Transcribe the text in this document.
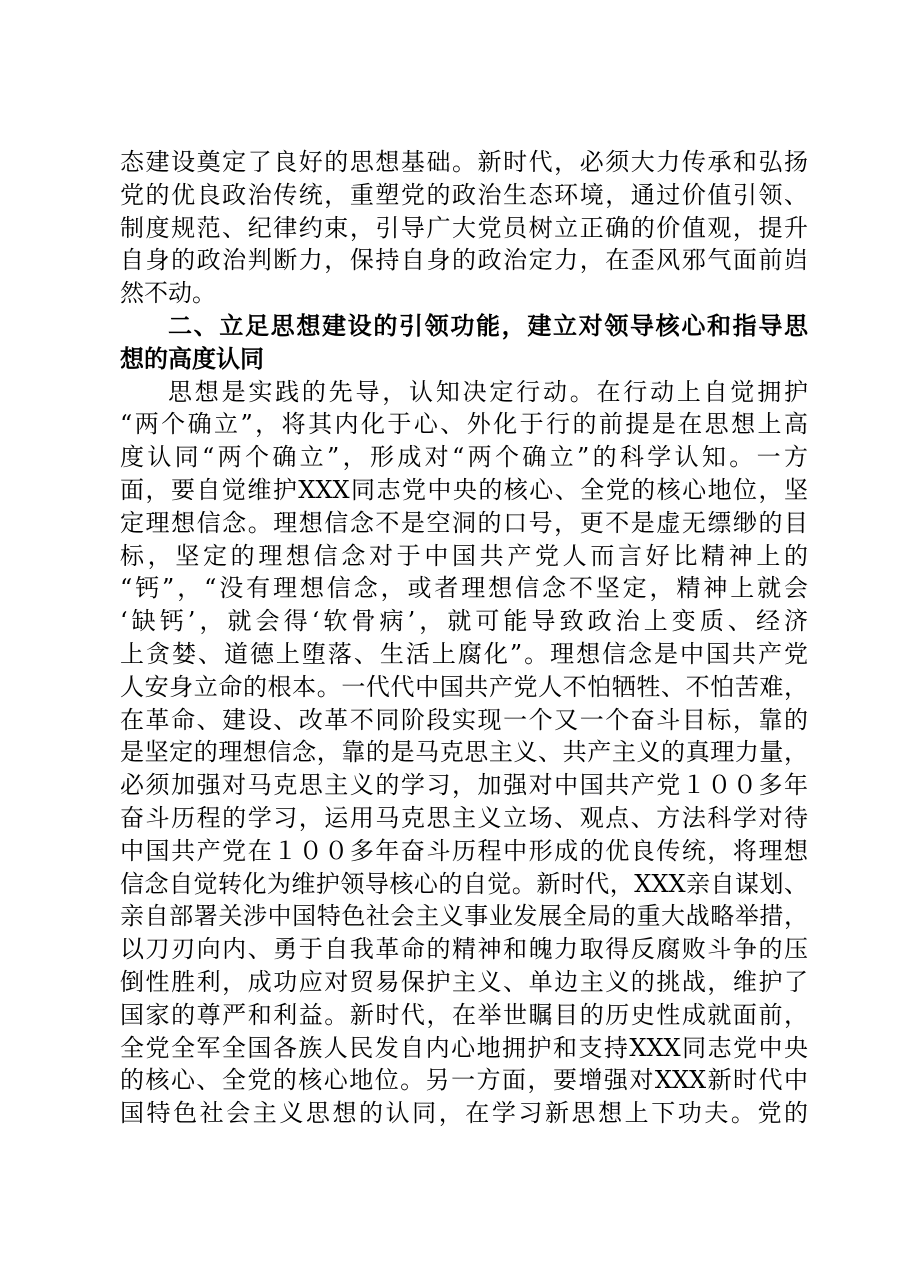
态建设奠定了良好的思想基础。新时代，必须大力传承和弘扬
党的优良政治传统，重塑党的政治生态环境，通过价值引领、
制度规范、纪律约束，引导广大党员树立正确的价值观，提升
自身的政治判断力，保持自身的政治定力，在歪风邪气面前岿
然不动。
二、立足思想建设的引领功能，建立对领导核心和指导思
想的高度认同
思想是实践的先导，认知决定行动。在行动上自觉拥护
“两个确立”，将其内化于心、外化于行的前提是在思想上高
度认同“两个确立”，形成对“两个确立”的科学认知。一方
面，要自觉维护XXX同志党中央的核心、全党的核心地位，坚
定理想信念。理想信念不是空洞的口号，更不是虚无缥缈的目
标，坚定的理想信念对于中国共产党人而言好比精神上的
“钙”，“没有理想信念，或者理想信念不坚定，精神上就会
‘缺钙’，就会得‘软骨病’，就可能导致政治上变质、经济
上贪婪、道德上堕落、生活上腐化”。理想信念是中国共产党
人安身立命的根本。一代代中国共产党人不怕牺牲、不怕苦难，
在革命、建设、改革不同阶段实现一个又一个奋斗目标，靠的
是坚定的理想信念，靠的是马克思主义、共产主义的真理力量，
必须加强对马克思主义的学习，加强对中国共产党１００多年
奋斗历程的学习，运用马克思主义立场、观点、方法科学对待
中国共产党在１００多年奋斗历程中形成的优良传统，将理想
信念自觉转化为维护领导核心的自觉。新时代，XXX亲自谋划、
亲自部署关涉中国特色社会主义事业发展全局的重大战略举措，
以刀刃向内、勇于自我革命的精神和魄力取得反腐败斗争的压
倒性胜利，成功应对贸易保护主义、单边主义的挑战，维护了
国家的尊严和利益。新时代，在举世瞩目的历史性成就面前，
全党全军全国各族人民发自内心地拥护和支持XXX同志党中央
的核心、全党的核心地位。另一方面，要增强对XXX新时代中
国特色社会主义思想的认同，在学习新思想上下功夫。党的
